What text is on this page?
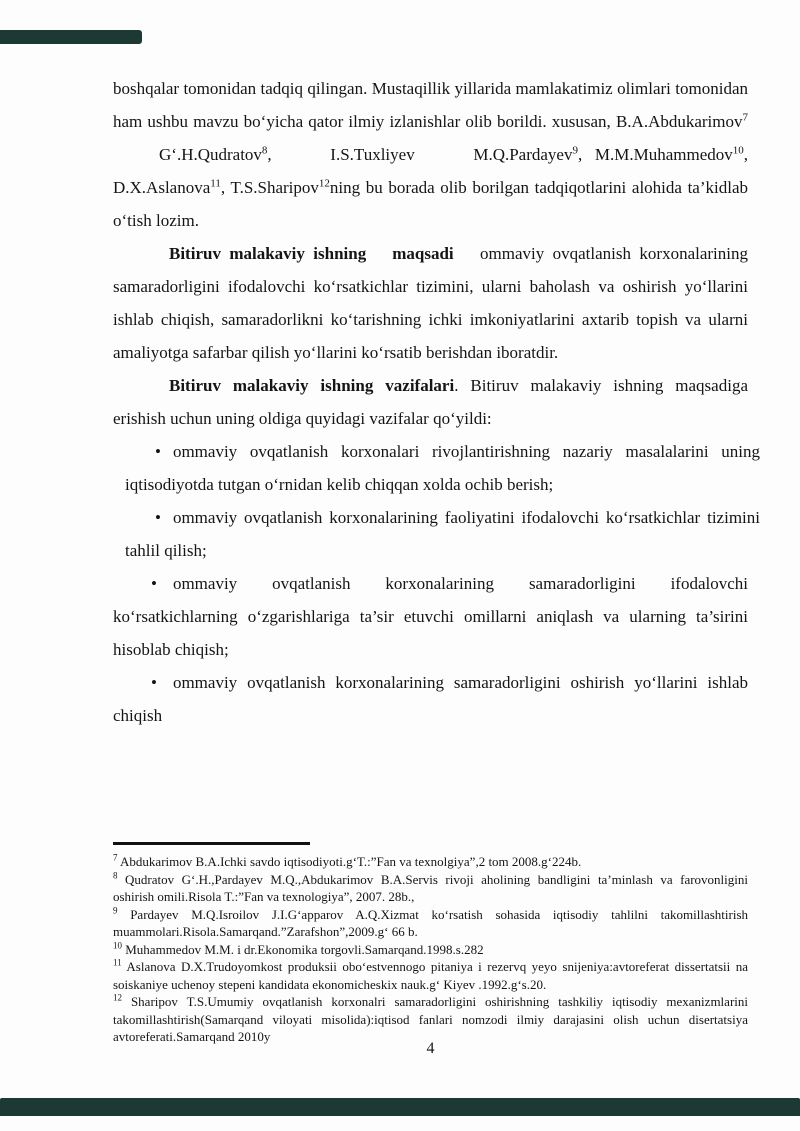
boshqalar tomonidan tadqiq qilingan. Mustaqillik yillarida mamlakatimiz olimlari tomonidan ham ushbu mavzu bo‘yicha qator ilmiy izlanishlar olib borildi. xususan, B.A.Abdukarimov$^7$ G‘.H.Qudratov$^8$,	I.S.Tuxliyev	M.Q.Pardayev$^9$, M.M.Muhammedov$^{10}$, D.X.Aslanova$^{11}$, T.S.Sharipov$^{12}$ning bu borada olib borilgan tadqiqotlarini alohida ta’kidlab o‘tish lozim.

Bitiruv malakaviy ishning maqsadi ommaviy ovqatlanish korxonalarining samaradorligini ifodalovchi ko‘rsatkichlar tizimini, ularni baholash va oshirish yo‘llarini ishlab chiqish, samaradorlikni ko‘tarishning ichki imkoniyatlarini axtarib topish va ularni amaliyotga safarbar qilish yo‘llarini ko‘rsatib berishdan iboratdir.

Bitiruv malakaviy ishning vazifalari. Bitiruv malakaviy ishning maqsadiga erishish uchun uning oldiga quyidagi vazifalar qo‘yildi:

• ommaviy ovqatlanish korxonalari rivojlantirishning nazariy masalalarini uning iqtisodiyotda tutgan o‘rnidan kelib chiqqan xolda ochib berish;

• ommaviy ovqatlanish korxonalarining faoliyatini ifodalovchi ko‘rsatkichlar tizimini tahlil qilish;

• ommaviy ovqatlanish korxonalarining samaradorligini ifodalovchi ko‘rsatkichlarning o‘zgarishlariga ta’sir etuvchi omillarni aniqlash va ularning ta’sirini hisoblab chiqish;

• ommaviy ovqatlanish korxonalarining samaradorligini oshirish yo‘llarini ishlab chiqish

$^7$ Abdukarimov B.A.Ichki savdo iqtisodiyoti.g‘T.:”Fan va texnolgiya”,2 tom 2008.g‘224b.

$^8$ Qudratov G‘.H.,Pardayev M.Q.,Abdukarimov B.A.Servis rivoji aholining bandligini ta’minlash va farovonligini oshirish omili.Risola T.:”Fan va texnologiya”, 2007. 28b.,

$^9$ Pardayev M.Q.Isroilov J.I.G‘apparov A.Q.Xizmat ko‘rsatish sohasida iqtisodiy tahlilni takomillashtirish muammolari.Risola.Samarqand.”Zarafshon”,2009.g‘ 66 b.

$^{10}$ Muhammedov M.M. i dr.Ekonomika torgovli.Samarqand.1998.s.282

$^{11}$ Aslanova D.X.Trudoyomkost produksii obo‘estvennogo pitaniya i rezervq yeyo snijeniya:avtoreferat dissertatsii na soiskaniye uchenoy stepeni kandidata ekonomicheskix nauk.g‘ Kiyev .1992.g‘s.20.

$^{12}$ Sharipov T.S.Umumiy ovqatlanish korxonalri samaradorligini oshirishning tashkiliy iqtisodiy mexanizmlarini takomillashtirish(Samarqand viloyati misolida):iqtisod fanlari nomzodi ilmiy darajasini olish uchun disertatsiya avtoreferati.Samarqand 2010y

4
